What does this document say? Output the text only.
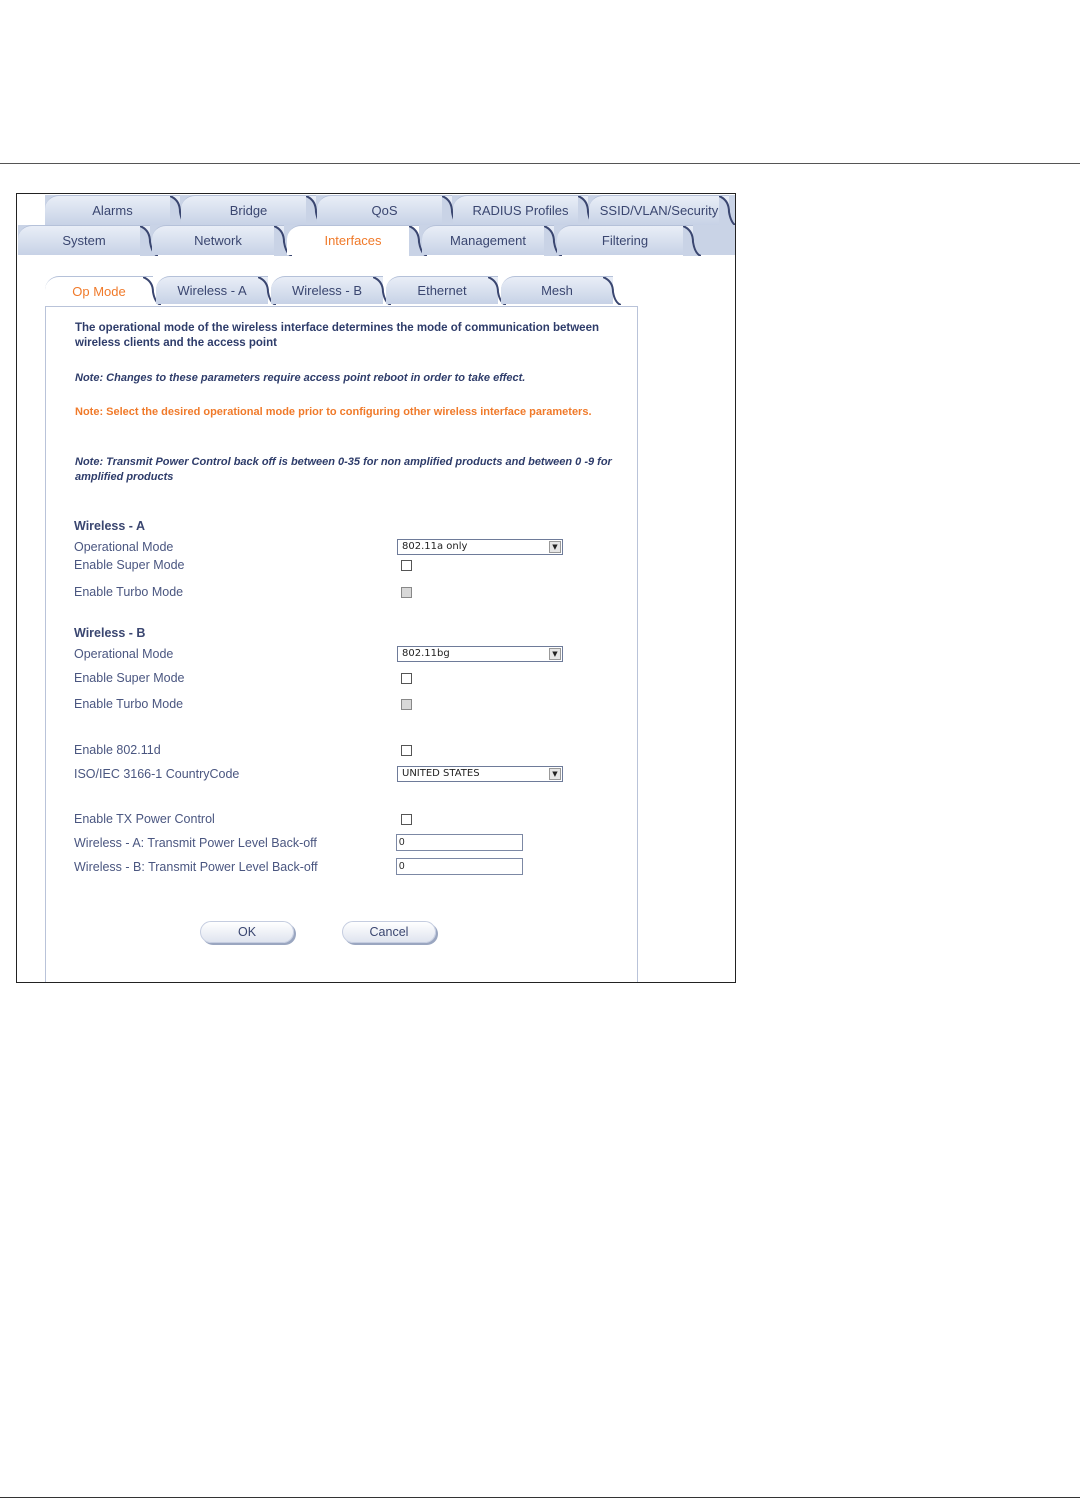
Alarms	Bridge	QoS	RADIUS Profiles SSID/VLAN/Security
System	Network	Interfaces	Management	Filtering
Op Mode	Wireless - A	Wireless - B	Ethernet	Mesh
The operational mode of the wireless interface determines the mode of communication between wireless clients and the access point
Note: Changes to these parameters require access point reboot in order to take effect.
Note: Select the desired operational mode prior to configuring other wireless interface parameters.
Note: Transmit Power Control back off is between 0-35 for non amplified products and between 0 -9 for amplified products
Wireless - A
Operational Mode	802.11a only	▼
Enable Super Mode
Enable Turbo Mode
Wireless - B
Operational Mode	802.11bg	▼
Enable Super Mode
Enable Turbo Mode
Enable 802.11d
ISO/IEC 3166-1 CountryCode	UNITED STATES	▼
Enable TX Power Control
Wireless - A: Transmit Power Level Back-off	0
Wireless - B: Transmit Power Level Back-off	0
OK	Cancel
